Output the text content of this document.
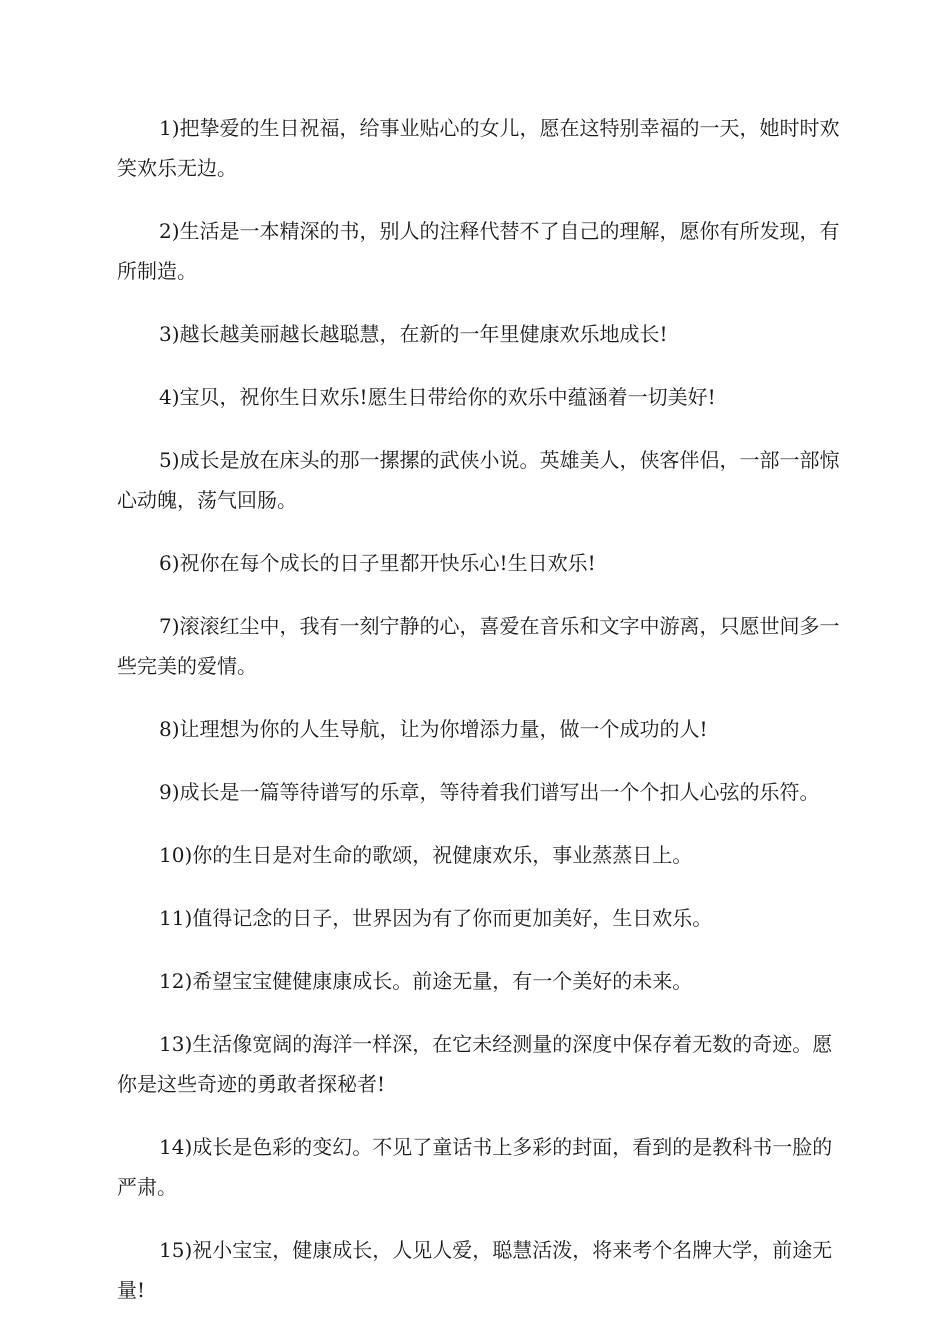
1)把挚爱的生日祝福，给事业贴心的女儿，愿在这特别幸福的一天，她时时欢笑欢乐无边。

2)生活是一本精深的书，别人的注释代替不了自己的理解，愿你有所发现，有所制造。

3)越长越美丽越长越聪慧，在新的一年里健康欢乐地成长!

4)宝贝，祝你生日欢乐!愿生日带给你的欢乐中蕴涵着一切美好!

5)成长是放在床头的那一摞摞的武侠小说。英雄美人，侠客伴侣，一部一部惊心动魄，荡气回肠。

6)祝你在每个成长的日子里都开快乐心!生日欢乐!

7)滚滚红尘中，我有一刻宁静的心，喜爱在音乐和文字中游离，只愿世间多一些完美的爱情。

8)让理想为你的人生导航，让为你增添力量，做一个成功的人!

9)成长是一篇等待谱写的乐章，等待着我们谱写出一个个扣人心弦的乐符。

10)你的生日是对生命的歌颂，祝健康欢乐，事业蒸蒸日上。

11)值得记念的日子，世界因为有了你而更加美好，生日欢乐。

12)希望宝宝健健康康成长。前途无量，有一个美好的未来。

13)生活像宽阔的海洋一样深，在它未经测量的深度中保存着无数的奇迹。愿你是这些奇迹的勇敢者探秘者!

14)成长是色彩的变幻。不见了童话书上多彩的封面，看到的是教科书一脸的严肃。

15)祝小宝宝，健康成长，人见人爱，聪慧活泼，将来考个名牌大学，前途无量!
